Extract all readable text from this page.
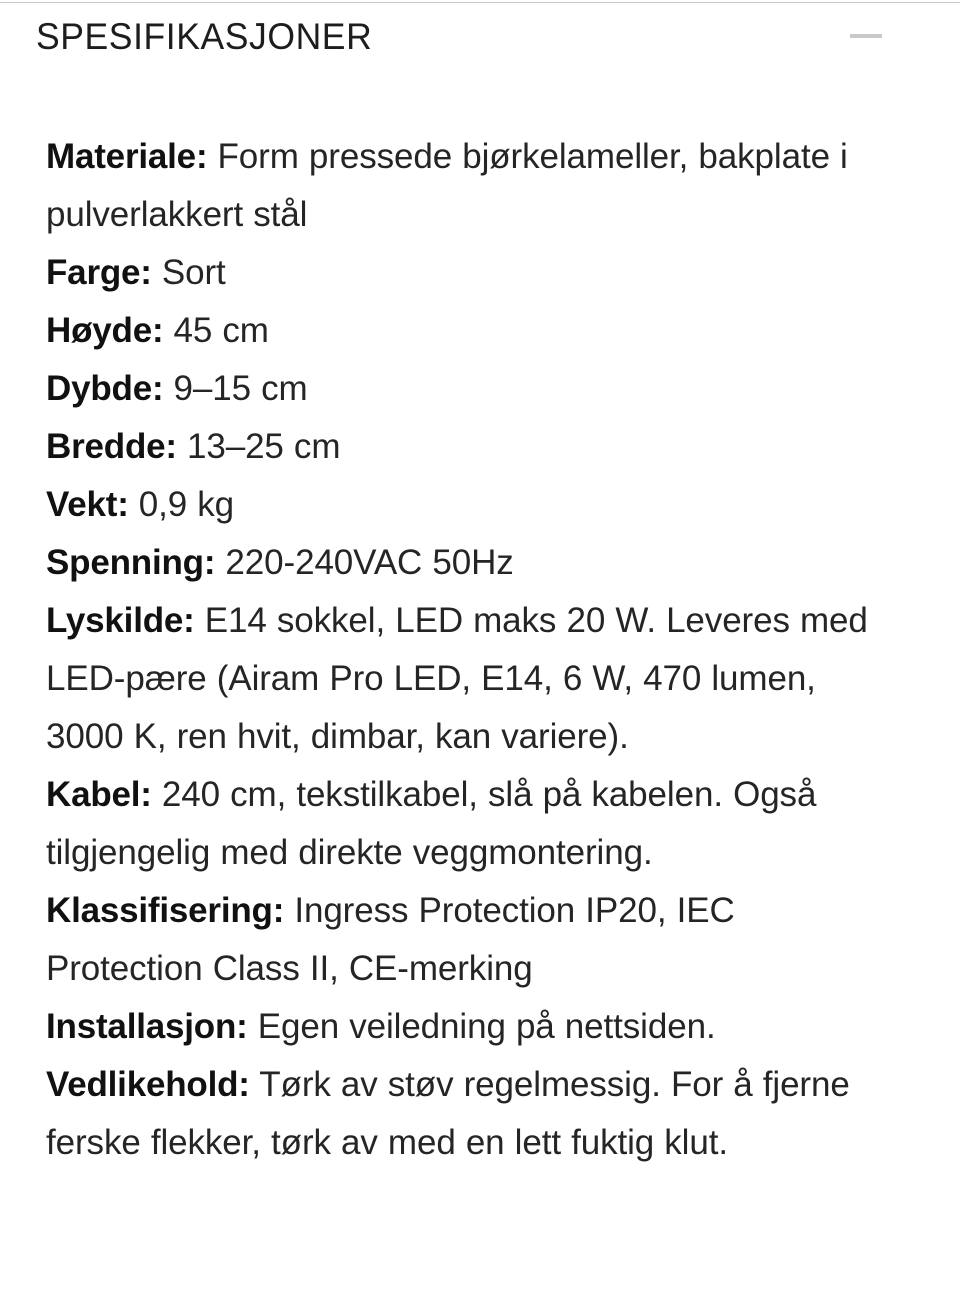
SPESIFIKASJONER

Materiale: Form pressede bjørkelameller, bakplate i pulverlakkert stål
Farge: Sort
Høyde: 45 cm
Dybde: 9–15 cm
Bredde: 13–25 cm
Vekt: 0,9 kg
Spenning: 220-240VAC 50Hz
Lyskilde: E14 sokkel, LED maks 20 W. Leveres med LED-pære (Airam Pro LED, E14, 6 W, 470 lumen, 3000 K, ren hvit, dimbar, kan variere).
Kabel: 240 cm, tekstilkabel, slå på kabelen. Også tilgjengelig med direkte veggmontering.
Klassifisering: Ingress Protection IP20, IEC Protection Class II, CE-merking
Installasjon: Egen veiledning på nettsiden.
Vedlikehold: Tørk av støv regelmessig. For å fjerne ferske flekker, tørk av med en lett fuktig klut.
